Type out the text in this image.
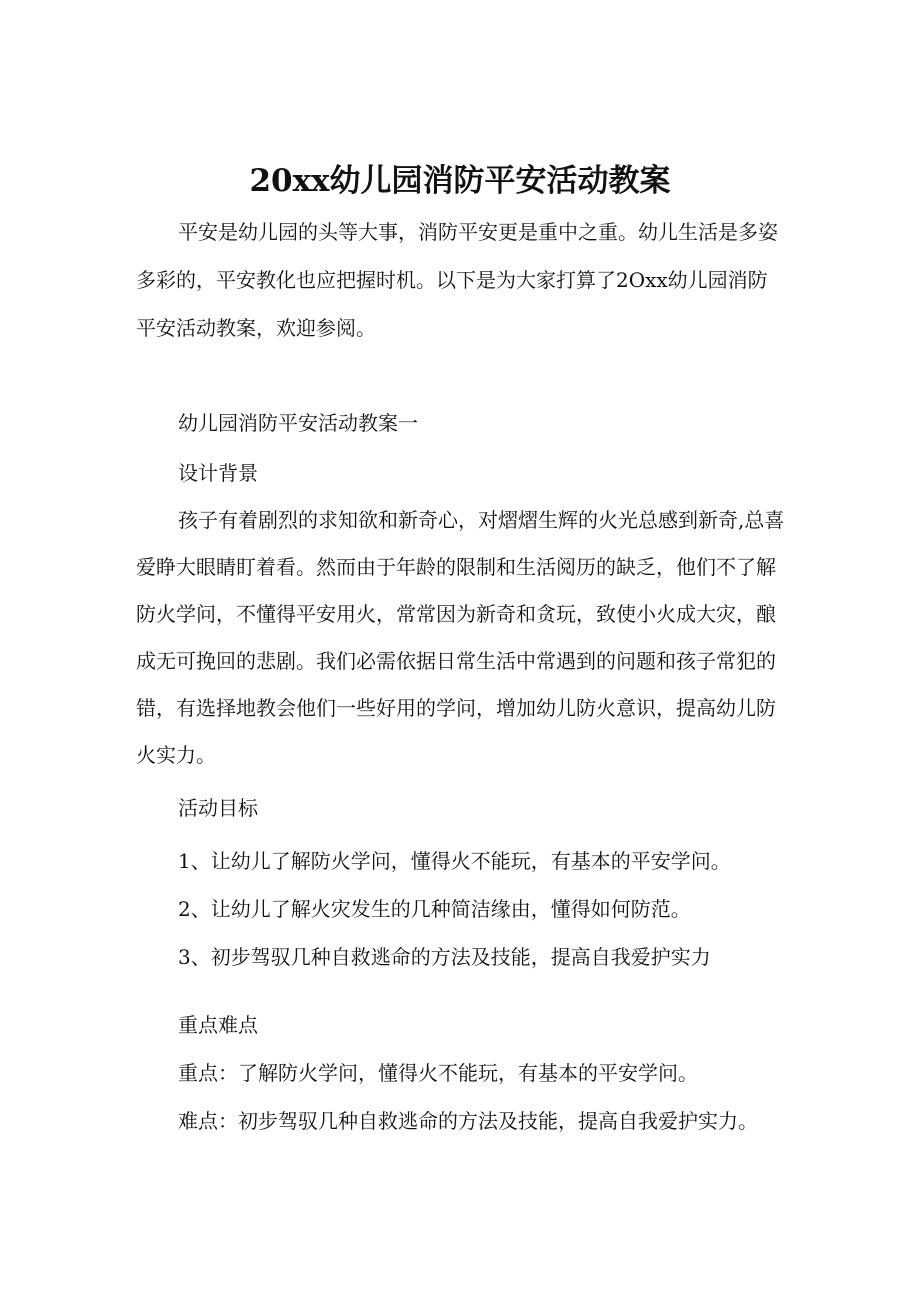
20xx幼儿园消防平安活动教案

平安是幼儿园的头等大事，消防平安更是重中之重。幼儿生活是多姿多彩的，平安教化也应把握时机。以下是为大家打算了2Oxx幼儿园消防平安活动教案，欢迎参阅。

幼儿园消防平安活动教案一

设计背景

孩子有着剧烈的求知欲和新奇心，对熠熠生辉的火光总感到新奇,总喜爱睁大眼睛盯着看。然而由于年龄的限制和生活阅历的缺乏，他们不了解防火学问，不懂得平安用火，常常因为新奇和贪玩，致使小火成大灾，酿成无可挽回的悲剧。我们必需依据日常生活中常遇到的问题和孩子常犯的错，有选择地教会他们一些好用的学问，增加幼儿防火意识，提高幼儿防火实力。

活动目标

1、让幼儿了解防火学问，懂得火不能玩，有基本的平安学问。

2、让幼儿了解火灾发生的几种简洁缘由，懂得如何防范。

3、初步驾驭几种自救逃命的方法及技能，提高自我爱护实力

重点难点

重点：了解防火学问，懂得火不能玩，有基本的平安学问。

难点：初步驾驭几种自救逃命的方法及技能，提高自我爱护实力。
